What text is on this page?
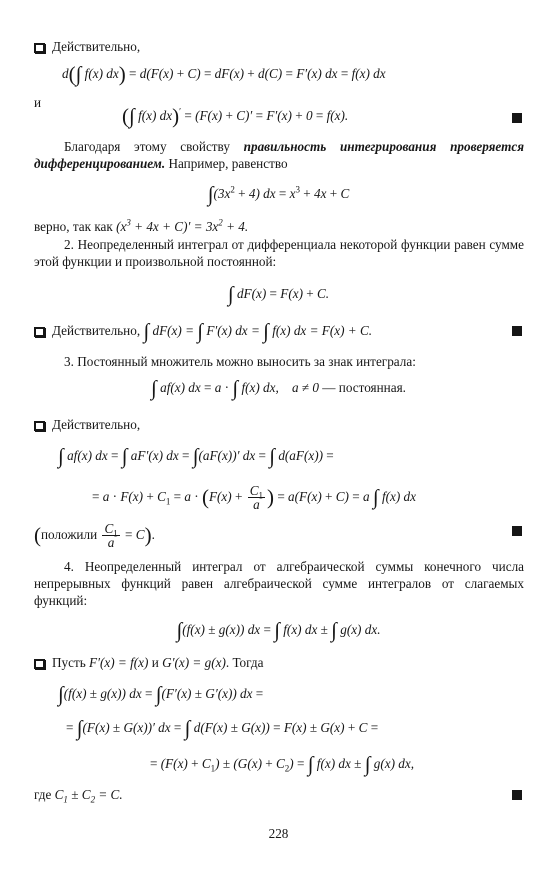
Действительно,
d(∫ f(x) dx) = d(F(x) + C) = dF(x) + d(C) = F′(x) dx = f(x) dx
и
(∫ f(x) dx)′ = (F(x) + C)′ = F′(x) + 0 = f(x).
Благодаря этому свойству правильность интегрирования проверяется дифференцированием. Например, равенство
$\int(3x^2 + 4)$ dx = $x^3 + 4x + C$
верно, так как $(x^3 + 4x + C)' = 3x^2 + 4$.
2. Неопределенный интеграл от дифференциала некоторой функции равен сумме этой функции и произвольной постоянной:
∫ dF(x) = F(x) + C.
Действительно, ∫ dF(x) = ∫ F′(x) dx = ∫ f(x) dx = F(x) + C.
3. Постоянный множитель можно выносить за знак интеграла:
∫ af(x) dx = a · ∫ f(x) dx,    a ≠ 0 — постоянная.
Действительно,
∫ af(x) dx = ∫ aF′(x) dx = ∫(aF(x))′ dx = ∫ d(aF(x)) =
= $a \cdot F(x) + C_1 = a \cdot (F(x) + \frac{C_1}{a}$ ) = a(F(x) + C) = a ∫ f(x) dx
(положили $\frac{C_1}{a} = C$).
4. Неопределенный интеграл от алгебраической суммы конечного числа непрерывных функций равен алгебраической сумме интегралов от слагаемых функций:
∫(f(x) ± g(x)) dx = ∫ f(x) dx ± ∫ g(x) dx.
Пусть F′(x) = f(x) и G′(x) = g(x). Тогда
∫(f(x) ± g(x)) dx = ∫(F′(x) ± G′(x)) dx =
= ∫(F(x) ± G(x))′ dx = ∫ d(F(x) ± G(x)) = F(x) ± G(x) + C =
= $(F(x) + C_1) \pm (G(x) + C_2)$ = ∫ f(x) dx ± ∫ g(x) dx,
где $C_1 \pm C_2 = C$.
228
